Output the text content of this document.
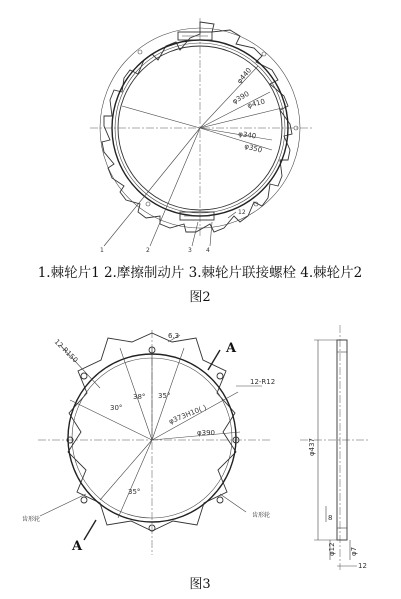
φ440
φ390
φ410
φ340
φ350
1	2	3 4
12
1.棘轮片1 2.摩擦制动片 3.棘轮片联接螺栓 4.棘轮片2
图2
A
A
12-R150
6.3
12-R12
30°
38° 35°
35°
φ373H10( )
φ390
齿形轮
齿形轮
φ437
8
φ12 φ7
12
图3
